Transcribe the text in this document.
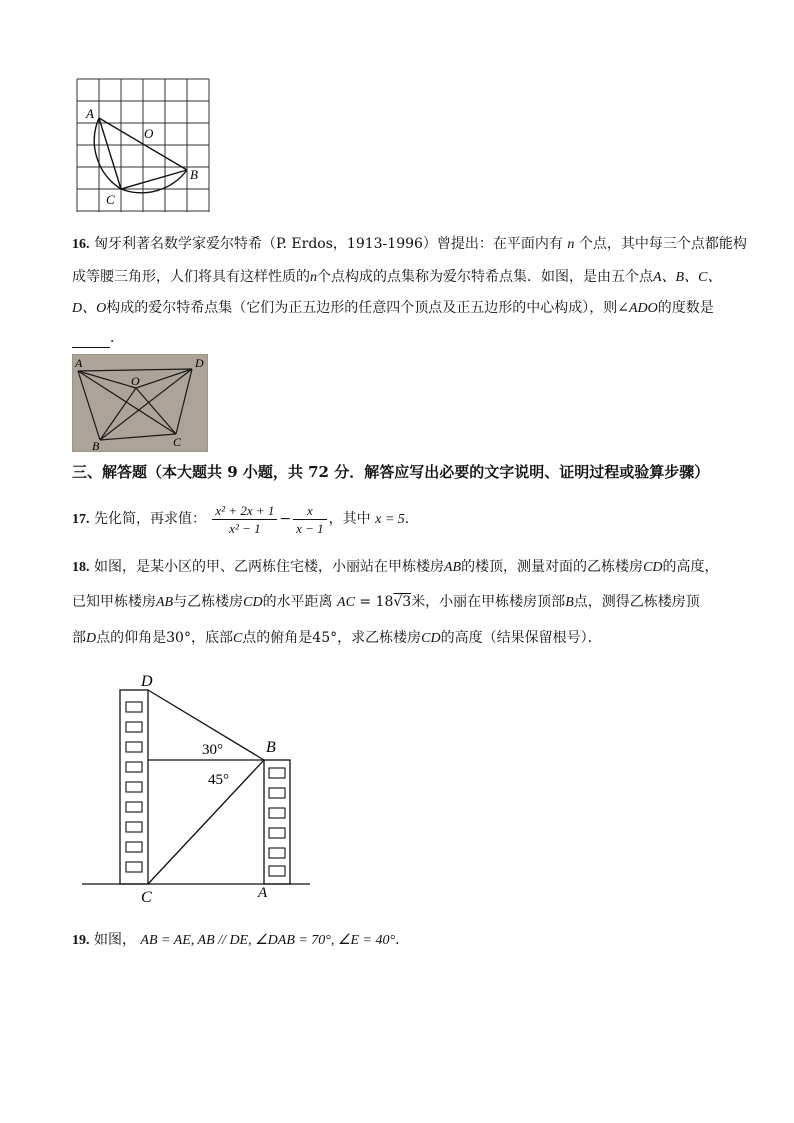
A
O
B
C
16. 匈牙利著名数学家爱尔特希（P. Erdos，1913-1996）曾提出：在平面内有 n 个点，其中每三个点都能构
成等腰三角形，人们将具有这样性质的n个点构成的点集称为爱尔特希点集．如图，是由五个点A、B、C、
D、O构成的爱尔特希点集（它们为正五边形的任意四个顶点及正五边形的中心构成），则∠ADO的度数是
．
A	D
O
B	C
三、解答题（本大题共 9 小题，共 72 分．解答应写出必要的文字说明、证明过程或验算步骤）
17. 先化简，再求值： $\frac{\text{x² + 2x + 1}}{\text{x² − 1}} - \frac{x}{x - 1}$ ，其中 x = 5．
18. 如图，是某小区的甲、乙两栋住宅楼，小丽站在甲栋楼房AB的楼顶，测量对面的乙栋楼房CD的高度，
已知甲栋楼房AB与乙栋楼房CD的水平距离 AC = 18√3米，小丽在甲栋楼房顶部B点，测得乙栋楼房顶
部D点的仰角是30°，底部C点的俯角是45°，求乙栋楼房CD的高度（结果保留根号）．
D
B
C	A
30°
45°
19. 如图， AB = AE, AB // DE, ∠DAB = 70°, ∠E = 40°．
